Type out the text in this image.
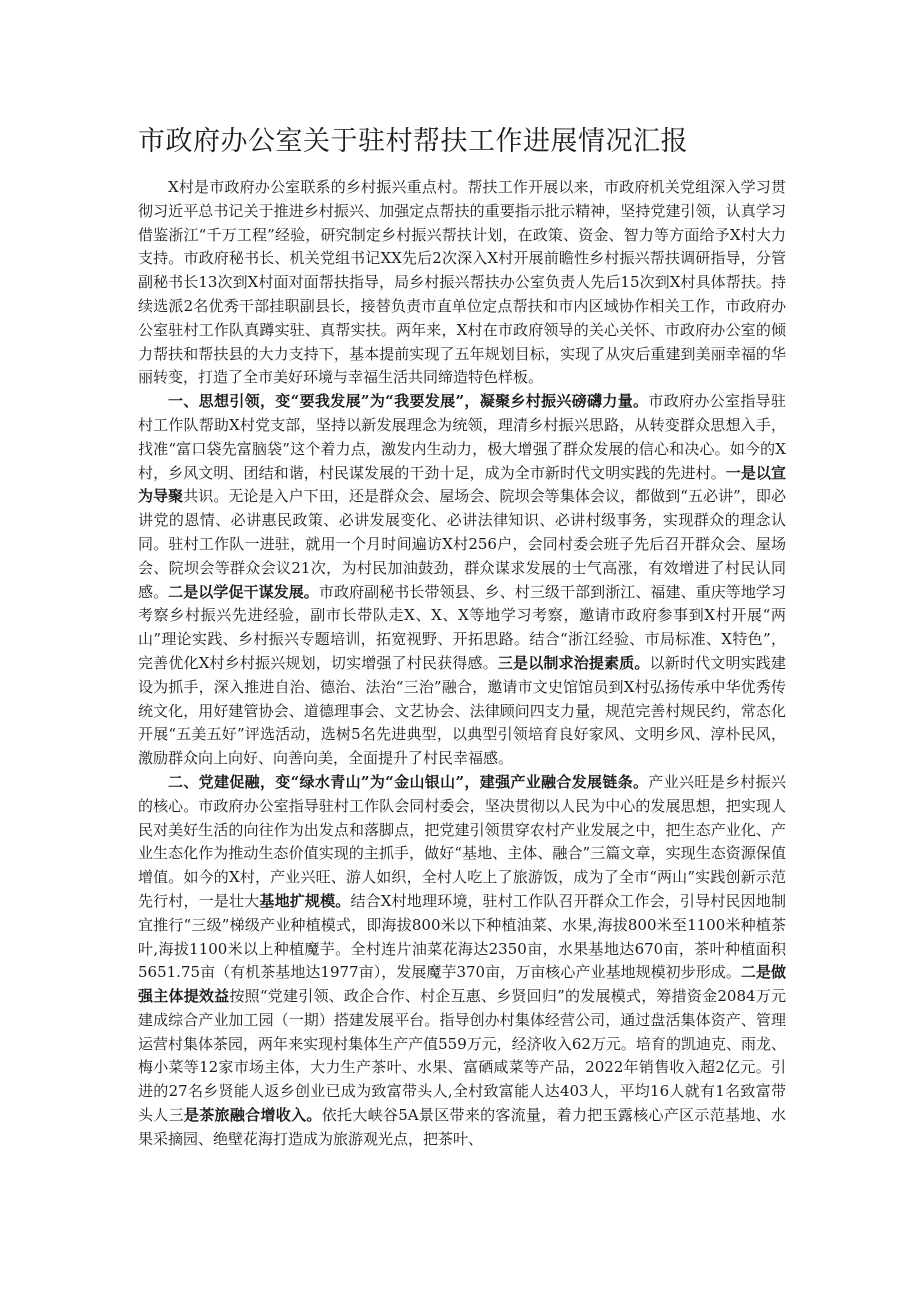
市政府办公室关于驻村帮扶工作进展情况汇报

X村是市政府办公室联系的乡村振兴重点村。帮扶工作开展以来，市政府机关党组深入学习贯彻习近平总书记关于推进乡村振兴、加强定点帮扶的重要指示批示精神，坚持党建引领，认真学习借鉴浙江“千万工程”经验，研究制定乡村振兴帮扶计划，在政策、资金、智力等方面给予X村大力支持。市政府秘书长、机关党组书记XX先后2次深入X村开展前瞻性乡村振兴帮扶调研指导，分管副秘书长13次到X村面对面帮扶指导，局乡村振兴帮扶办公室负责人先后15次到X村具体帮扶。持续选派2名优秀干部挂职副县长，接替负责市直单位定点帮扶和市内区域协作相关工作，市政府办公室驻村工作队真蹲实驻、真帮实扶。两年来，X村在市政府领导的关心关怀、市政府办公室的倾力帮扶和帮扶县的大力支持下，基本提前实现了五年规划目标，实现了从灾后重建到美丽幸福的华丽转变，打造了全市美好环境与幸福生活共同缔造特色样板。

一、思想引领，变“要我发展”为“我要发展”，凝聚乡村振兴磅礴力量。市政府办公室指导驻村工作队帮助X村党支部，坚持以新发展理念为统领，理清乡村振兴思路，从转变群众思想入手，找准“富口袋先富脑袋”这个着力点，激发内生动力，极大增强了群众发展的信心和决心。如今的X村，乡风文明、团结和谐，村民谋发展的干劲十足，成为全市新时代文明实践的先进村。一是以宣为导聚共识。无论是入户下田，还是群众会、屋场会、院坝会等集体会议，都做到“五必讲”，即必讲党的恩情、必讲惠民政策、必讲发展变化、必讲法律知识、必讲村级事务，实现群众的理念认同。驻村工作队一进驻，就用一个月时间遍访X村256户，会同村委会班子先后召开群众会、屋场会、院坝会等群众会议21次，为村民加油鼓劲，群众谋求发展的士气高涨，有效增进了村民认同感。二是以学促干谋发展。市政府副秘书长带领县、乡、村三级干部到浙江、福建、重庆等地学习考察乡村振兴先进经验，副市长带队走X、X、X等地学习考察，邀请市政府参事到X村开展“两山”理论实践、乡村振兴专题培训，拓宽视野、开拓思路。结合“浙江经验、市局标准、X特色”，完善优化X村乡村振兴规划，切实增强了村民获得感。三是以制求治提素质。以新时代文明实践建设为抓手，深入推进自治、德治、法治“三治”融合，邀请市文史馆馆员到X村弘扬传承中华优秀传统文化，用好建管协会、道德理事会、文艺协会、法律顾问四支力量，规范完善村规民约，常态化开展“五美五好”评选活动，选树5名先进典型，以典型引领培育良好家风、文明乡风、淳朴民风，激励群众向上向好、向善向美，全面提升了村民幸福感。

二、党建促融，变“绿水青山”为“金山银山”，建强产业融合发展链条。产业兴旺是乡村振兴的核心。市政府办公室指导驻村工作队会同村委会，坚决贯彻以人民为中心的发展思想，把实现人民对美好生活的向往作为出发点和落脚点，把党建引领贯穿农村产业发展之中，把生态产业化、产业生态化作为推动生态价值实现的主抓手，做好“基地、主体、融合”三篇文章，实现生态资源保值增值。如今的X村，产业兴旺、游人如织，全村人吃上了旅游饭，成为了全市“两山”实践创新示范先行村，一是壮大基地扩规模。结合X村地理环境，驻村工作队召开群众工作会，引导村民因地制宜推行“三级”梯级产业种植模式，即海拔800米以下种植油菜、水果,海拔800米至1100米种植茶叶,海拔1100米以上种植魔芋。全村连片油菜花海达2350亩，水果基地达670亩，茶叶种植面积5651.75亩（有机茶基地达1977亩），发展魔芋370亩，万亩核心产业基地规模初步形成。二是做强主体提效益按照“党建引领、政企合作、村企互惠、乡贤回归”的发展模式，筹措资金2084万元建成综合产业加工园（一期）搭建发展平台。指导创办村集体经营公司，通过盘活集体资产、管理运营村集体茶园，两年来实现村集体生产产值559万元，经济收入62万元。培育的凯迪克、雨龙、梅小菜等12家市场主体，大力生产茶叶、水果、富硒咸菜等产品，2022年销售收入超2亿元。引进的27名乡贤能人返乡创业已成为致富带头人,全村致富能人达403人，平均16人就有1名致富带头人三是茶旅融合增收入。依托大峡谷5A景区带来的客流量，着力把玉露核心产区示范基地、水果采摘园、绝壁花海打造成为旅游观光点，把茶叶、
